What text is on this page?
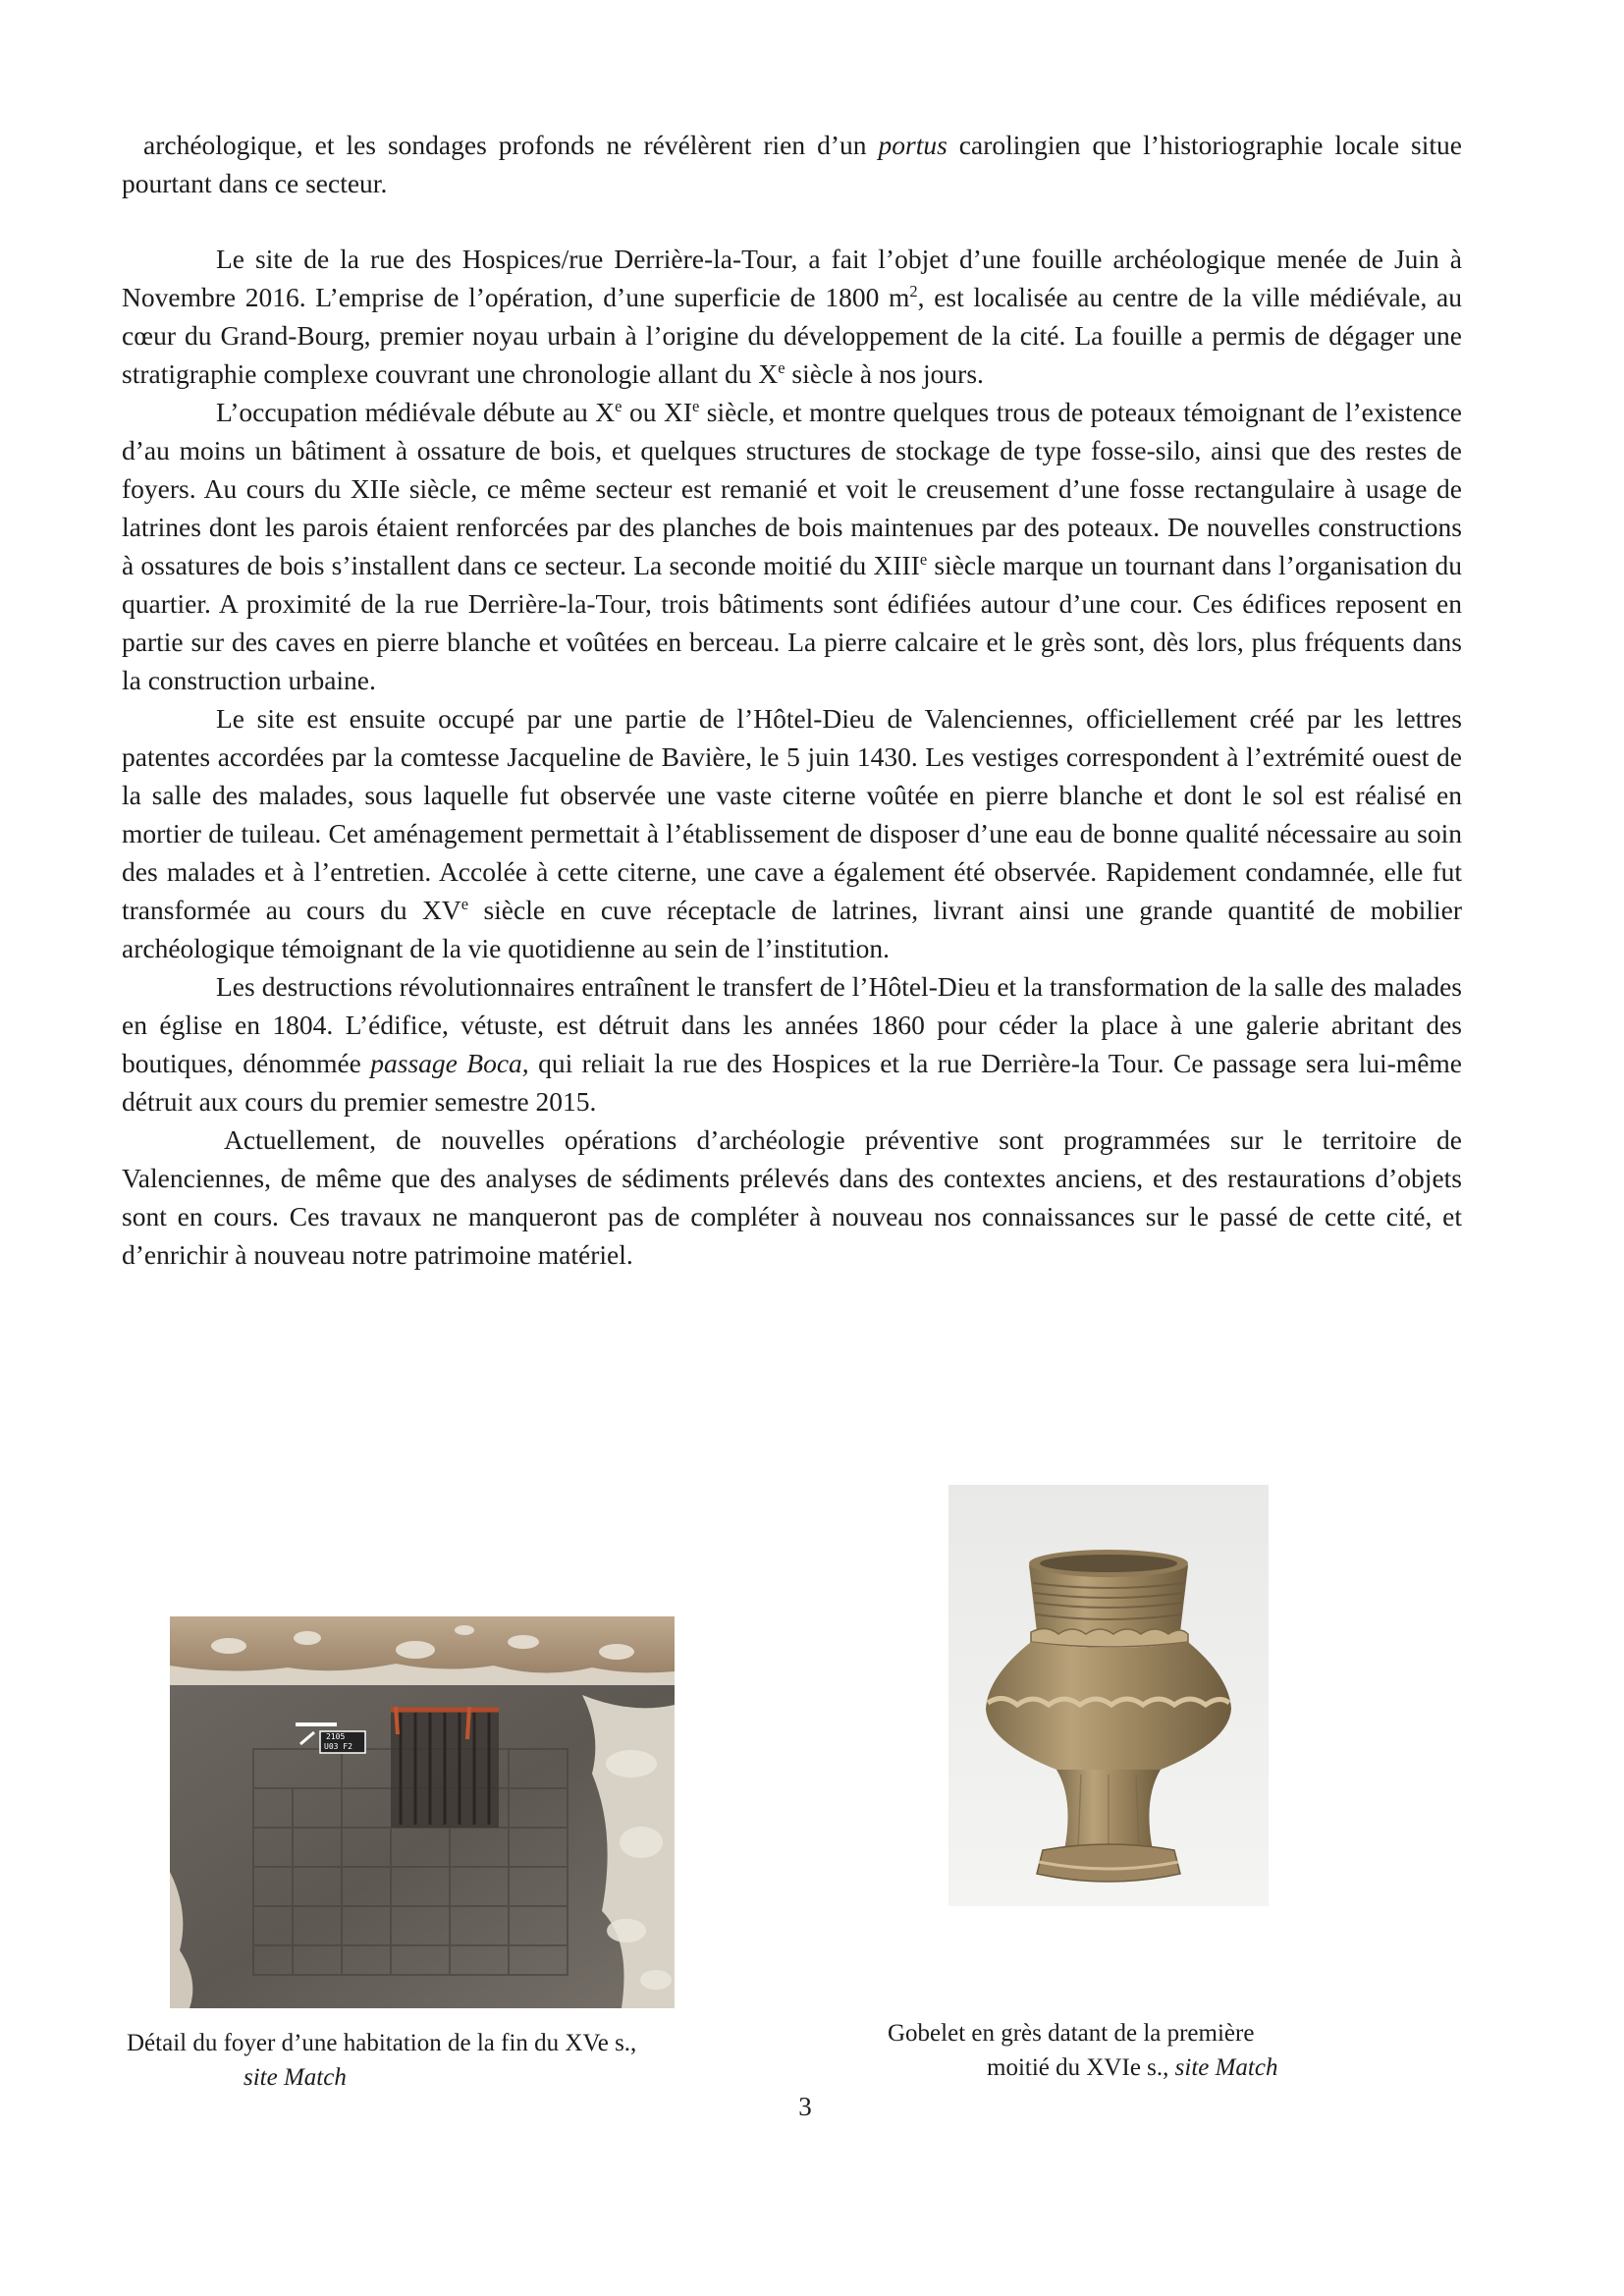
archéologique, et les sondages profonds ne révélèrent rien d’un portus carolingien que l’historiographie locale situe pourtant dans ce secteur.

Le site de la rue des Hospices/rue Derrière-la-Tour, a fait l’objet d’une fouille archéologique menée de Juin à Novembre 2016. L’emprise de l’opération, d’une superficie de 1800 $m^2$, est localisée au centre de la ville médiévale, au cœur du Grand-Bourg, premier noyau urbain à l’origine du développement de la cité. La fouille a permis de dégager une stratigraphie complexe couvrant une chronologie allant du Xe siècle à nos jours.

L’occupation médiévale débute au Xe ou XIe siècle, et montre quelques trous de poteaux témoignant de l’existence d’au moins un bâtiment à ossature de bois, et quelques structures de stockage de type fosse-silo, ainsi que des restes de foyers. Au cours du XIIe siècle, ce même secteur est remanié et voit le creusement d’une fosse rectangulaire à usage de latrines dont les parois étaient renforcées par des planches de bois maintenues par des poteaux. De nouvelles constructions à ossatures de bois s’installent dans ce secteur. La seconde moitié du XIIIe siècle marque un tournant dans l’organisation du quartier. A proximité de la rue Derrière-la-Tour, trois bâtiments sont édifiées autour d’une cour. Ces édifices reposent en partie sur des caves en pierre blanche et voûtées en berceau. La pierre calcaire et le grès sont, dès lors, plus fréquents dans la construction urbaine.

Le site est ensuite occupé par une partie de l’Hôtel-Dieu de Valenciennes, officiellement créé par les lettres patentes accordées par la comtesse Jacqueline de Bavière, le 5 juin 1430. Les vestiges correspondent à l’extrémité ouest de la salle des malades, sous laquelle fut observée une vaste citerne voûtée en pierre blanche et dont le sol est réalisé en mortier de tuileau. Cet aménagement permettait à l’établissement de disposer d’une eau de bonne qualité nécessaire au soin des malades et à l’entretien. Accolée à cette citerne, une cave a également été observée. Rapidement condamnée, elle fut transformée au cours du XVe siècle en cuve réceptacle de latrines, livrant ainsi une grande quantité de mobilier archéologique témoignant de la vie quotidienne au sein de l’institution.

Les destructions révolutionnaires entraînent le transfert de l’Hôtel-Dieu et la transformation de la salle des malades en église en 1804. L’édifice, vétuste, est détruit dans les années 1860 pour céder la place à une galerie abritant des boutiques, dénommée passage Boca, qui reliait la rue des Hospices et la rue Derrière-la Tour. Ce passage sera lui-même détruit aux cours du premier semestre 2015.

Actuellement, de nouvelles opérations d’archéologie préventive sont programmées sur le territoire de Valenciennes, de même que des analyses de sédiments prélevés dans des contextes anciens, et des restaurations d’objets sont en cours. Ces travaux ne manqueront pas de compléter à nouveau nos connaissances sur le passé de cette cité, et d’enrichir à nouveau notre patrimoine matériel.

2105
U03 F2
Détail du foyer d’une habitation de la fin du XVe s.,
site Match
Gobelet en grès datant de la première
moitié du XVIe s., site Match
3
